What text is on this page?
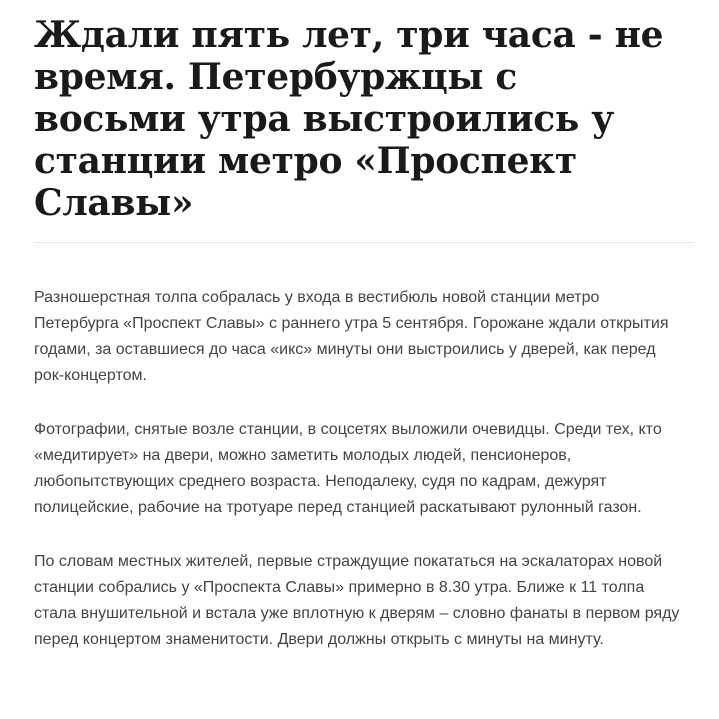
Ждали пять лет, три часа - не время. Петербуржцы с восьми утра выстроились у станции метро «Проспект Славы»

Разношерстная толпа собралась у входа в вестибюль новой станции метро Петербурга «Проспект Славы» с раннего утра 5 сентября. Горожане ждали открытия годами, за оставшиеся до часа «икс» минуты они выстроились у дверей, как перед рок-концертом.

Фотографии, снятые возле станции, в соцсетях выложили очевидцы. Среди тех, кто «медитирует» на двери, можно заметить молодых людей, пенсионеров, любопытствующих среднего возраста. Неподалеку, судя по кадрам, дежурят полицейские, рабочие на тротуаре перед станцией раскатывают рулонный газон.

По словам местных жителей, первые страждущие покататься на эскалаторах новой станции собрались у «Проспекта Славы» примерно в 8.30 утра. Ближе к 11 толпа стала внушительной и встала уже вплотную к дверям – словно фанаты в первом ряду перед концертом знаменитости. Двери должны открыть с минуты на минуту.
